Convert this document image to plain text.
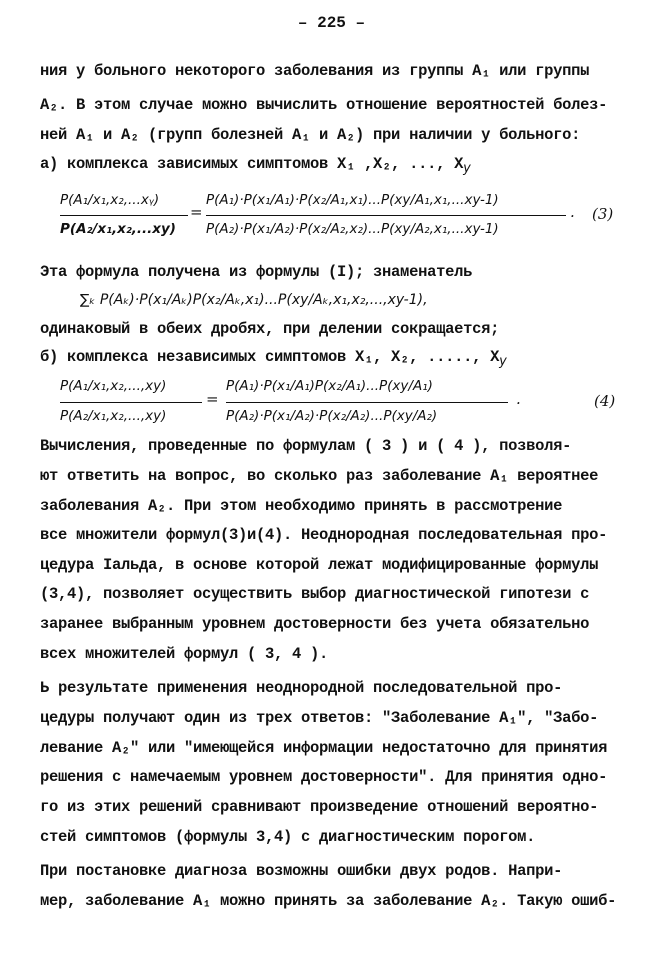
– 225 –
ния у больного некоторого заболевания из группы A₁ или группы
A₂. В этом случае можно вычислить отношение вероятностей болез-
ней A₁ и A₂ (групп болезней A₁ и A₂) при наличии у больного:
а) комплекса зависимых симптомов X₁ ,X₂, ..., $X_y$
P(A₁/x₁,x₂,...xᵧ)
P(A₂/x₁,x₂,...xy)
=
P(A₁)·P(x₁/A₁)·P(x₂/A₁,x₁)...P(xy/A₁,x₁,...xy-1)
P(A₂)·P(x₁/A₂)·P(x₂/A₂,x₂)...P(xy/A₂,x₁,...xy-1)
. (3)
Эта формула получена из формулы (I); знаменатель
∑ₖ P(Aₖ)·P(x₁/Aₖ)P(x₂/Aₖ,x₁)...P(xy/Aₖ,x₁,x₂,...,xy-1),
одинаковый в обеих дробях, при делении сокращается;
б) комплекса независимых симптомов X₁, X₂, ....., $X_y$
P(A₁/x₁,x₂,...,xy)
P(A₂/x₁,x₂,...,xy)
=
P(A₁)·P(x₁/A₁)P(x₂/A₁)...P(xy/A₁)
P(A₂)·P(x₁/A₂)·P(x₂/A₂)...P(xy/A₂)
.	(4)
Вычисления, проведенные по формулам ( 3 ) и ( 4 ), позволя-
ют ответить на вопрос, во сколько раз заболевание A₁ вероятнее
заболевания A₂. При этом необходимо принять в рассмотрение
все множители формул(3)и(4). Неоднородная последовательная про-
цедура Iальда, в основе которой лежат модифицированные формулы
(3,4), позволяет осуществить выбор диагностической гипотези с
заранее выбранным уровнем достоверности без учета обязательно
всех множителей формул ( 3, 4 ).
Ь результате применения неоднородной последовательной про-
цедуры получают один из трех ответов: "Заболевание A₁", "Забо-
левание A₂" или "имеющейся информации недостаточно для принятия
решения с намечаемым уровнем достоверности". Для принятия одно-
го из этих решений сравнивают произведение отношений вероятно-
стей симптомов (формулы 3,4) с диагностическим порогом.
При постановке диагноза возможны ошибки двух родов. Напри-
мер, заболевание A₁ можно принять за заболевание A₂. Такую ошиб-
